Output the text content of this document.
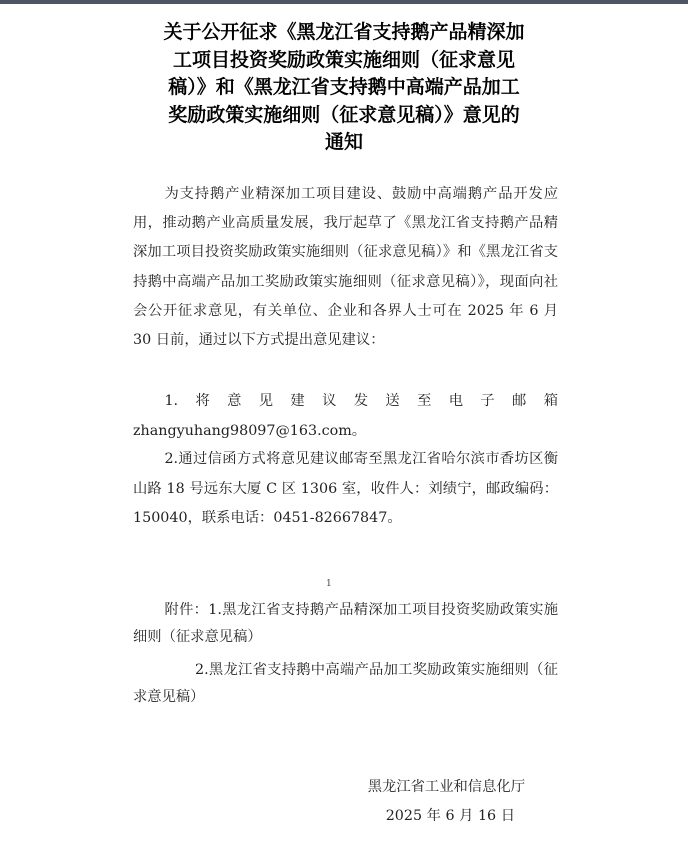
关于公开征求《黑龙江省支持鹅产品精深加
工项目投资奖励政策实施细则（征求意见
稿）》和《黑龙江省支持鹅中高端产品加工
奖励政策实施细则（征求意见稿）》意见的
通知

为支持鹅产业精深加工项目建设、鼓励中高端鹅产品开发应用，推动鹅产业高质量发展，我厅起草了《黑龙江省支持鹅产品精深加工项目投资奖励政策实施细则（征求意见稿）》和《黑龙江省支持鹅中高端产品加工奖励政策实施细则（征求意见稿）》，现面向社会公开征求意见，有关单位、企业和各界人士可在 2025 年 6 月 30 日前，通过以下方式提出意见建议：

1.将意见建议发送至电子邮箱 zhangyuhang98097@163.com。

2.通过信函方式将意见建议邮寄至黑龙江省哈尔滨市香坊区衡山路 18 号远东大厦 C 区 1306 室，收件人：刘绩宁，邮政编码：150040，联系电话：0451-82667847。

1

附件：1.黑龙江省支持鹅产品精深加工项目投资奖励政策实施细则（征求意见稿）

2.黑龙江省支持鹅中高端产品加工奖励政策实施细则（征求意见稿）

黑龙江省工业和信息化厅
2025 年 6 月 16 日
